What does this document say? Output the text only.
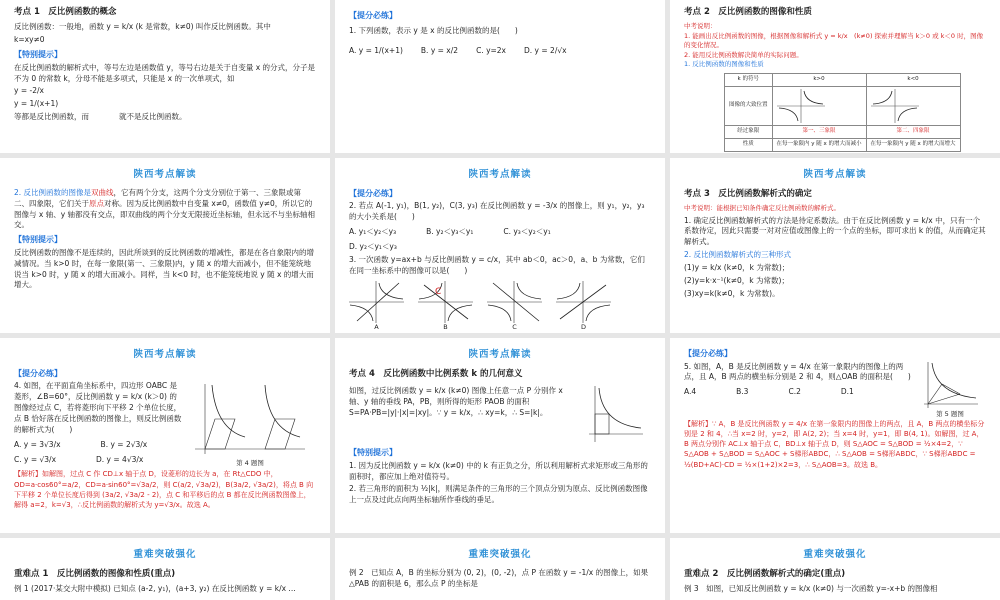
考点 1　反比例函数的概念
反比例函数：一般地，函数 y = k/x (k 是常数，k≠0) 叫作反比例函数。其中
k=xy≠0
【特别提示】
在反比例函数的解析式中，等号左边是函数值 y，等号右边是关于自变量 x 的分式，分子是不为 0 的常数 k，分母不能是多项式，只能是 x 的一次单项式，如
y = -2/x
y = 1/(x+1)
等都是反比例函数，而　　　　就不是反比例函数。
【提分必练】
1. 下列函数，表示 y 是 x 的反比例函数的是(　　)
A. y = 1/(x+1) B. y = x/2 C. y=2x D. y = 2/√x
考点 2　反比例函数的图像和性质
中考说明：
1. 能画出反比例函数的图像，根据图像和解析式 y = k/x　(k≠0) 探索并理解当 k＞0 或 k＜0 时，图像的变化情况。
2. 能用反比例函数解决简单的实际问题。
1. 反比例函数的图像和性质
k 的符号	k>0	k<0
图像的大致位置	

经过象限	第一、三象限	第二、四象限
性质	在每一象限内 y 随 x 的增大而减小	在每一象限内 y 随 x 的增大而增大
陕西考点解读
2. 反比例函数的图像是双曲线，它有两个分支，这两个分支分别位于第一、三象限或第二、四象限，它们关于原点对称。因为反比例函数中自变量 x≠0，函数值 y≠0，所以它的图像与 x 轴、y 轴都没有交点，即双曲线的两个分支无限接近坐标轴，但永远不与坐标轴相交。
【特别提示】
反比例函数的图像不是连续的，因此所谈到的反比例函数的增减性，都是在各自象限内的增减情况。当 k>0 时，在每一象限(第一、三象限)内，y 随 x 的增大而减小，但不能笼统地说当 k>0 时，y 随 x 的增大而减小。同样，当 k<0 时，也不能笼统地说 y 随 x 的增大而增大。
陕西考点解读
【提分必练】
2. 若点 A(-1, y₁)，B(1, y₂)，C(3, y₃) 在反比例函数 y = -3/x 的图像上，则 y₁，y₂，y₃ 的大小关系是(　　)
A. y₁＜y₂＜y₃	B. y₂＜y₃＜y₁	C. y₃＜y₂＜y₁
D. y₂＜y₁＜y₃
3. 一次函数 y=ax+b 与反比例函数 y = c/x，其中 ab＜0，ac＞0，a、b 为常数，它们在同一坐标系中的图像可以是(　　)
A	B	C	D
C
陕西考点解读
考点 3　反比例函数解析式的确定
中考说明：能根据已知条件确定反比例函数的解析式。
1. 确定反比例函数解析式的方法是待定系数法。由于在反比例函数 y = k/x 中，只有一个系数待定，因此只需要一对对应值或图像上的一个点的坐标，即可求出 k 的值，从而确定其解析式。
2. 反比例函数解析式的三种形式
(1)y = k/x (k≠0，k 为常数)；
(2)y=k·x⁻¹(k≠0，k 为常数)；
(3)xy=k(k≠0，k 为常数)。
陕西考点解读
【提分必练】
4. 如图，在平面直角坐标系中，四边形 OABC 是菱形，∠B=60°，反比例函数 y = k/x (k＞0) 的图像经过点 C，若将菱形向下平移 2 个单位长度，点 B 恰好落在反比例函数的图像上，则反比例函数的解析式为(　　)
A. y = 3√3/x	B. y = 2√3/x
C. y = √3/x	D. y = 4√3/x	第 4 题图
【解析】如解图，过点 C 作 CD⊥x 轴于点 D，设菱形的边长为 a，在 Rt△CDO 中，OD=a·cos60°=a/2，CD=a·sin60°=√3a/2，则 C(a/2, √3a/2)，B(3a/2, √3a/2)，将点 B 向下平移 2 个单位长度后得到 (3a/2, √3a/2 - 2)，点 C 和平移后的点 B 都在反比例函数图像上，解得 a=2，k=√3，∴反比例函数的解析式为 y=√3/x。故选 A。
陕西考点解读
考点 4　反比例函数中比例系数 k 的几何意义
如图，过反比例函数 y = k/x (k≠0) 图像上任意一点 P 分别作 x 轴、y 轴的垂线 PA，PB，则所得的矩形 PAOB 的面积 S=PA·PB=|y|·|x|=|xy|。∵ y = k/x，∴ xy=k，∴ S=|k|。
【特别提示】
1. 因为反比例函数 y = k/x (k≠0) 中的 k 有正负之分，所以利用解析式求矩形或三角形的面积时，都应加上绝对值符号。
2. 若三角形的面积为 ½|k|，则满足条件的三角形的三个顶点分别为原点、反比例函数图像上一点及过此点向两坐标轴所作垂线的垂足。
【提分必练】
5. 如图，A，B 是反比例函数 y = 4/x 在第一象限内的图像上的两点，且 A，B 两点的横坐标分别是 2 和 4，则△OAB 的面积是(　　)
A.4	B.3	C.2	D.1
第 5 题图
【解析】∵ A，B 是反比例函数 y = 4/x 在第一象限内的图像上的两点，且 A，B 两点的横坐标分别是 2 和 4，∴当 x=2 时，y=2，即 A(2, 2)；当 x=4 时，y=1，即 B(4, 1)。如解图，过 A，B 两点分别作 AC⊥x 轴于点 C，BD⊥x 轴于点 D，则 S△AOC = S△BOD = ½×4=2，∵ S△AOB + S△BOD = S△AOC + S梯形ABDC，∴ S△AOB = S梯形ABDC，∵ S梯形ABDC = ½(BD+AC)·CD = ½×(1+2)×2=3，∴ S△AOB=3。故选 B。
重难突破强化
重难点 1　反比例函数的图像和性质(重点)
例 1 (2017·某交大附中模拟) 已知点 (a-2, y₁)，(a+3, y₂) 在反比例函数 y = k/x ...
重难突破强化
例 2　已知点 A，B 的坐标分别为 (0, 2)，(0, -2)，点 P 在函数 y = -1/x 的图像上，如果△PAB 的面积是 6，那么点 P 的坐标是
重难突破强化
重难点 2　反比例函数解析式的确定(重点)
例 3　如图，已知反比例函数 y = k/x (k≠0) 与一次函数 y=-x+b 的图像相
